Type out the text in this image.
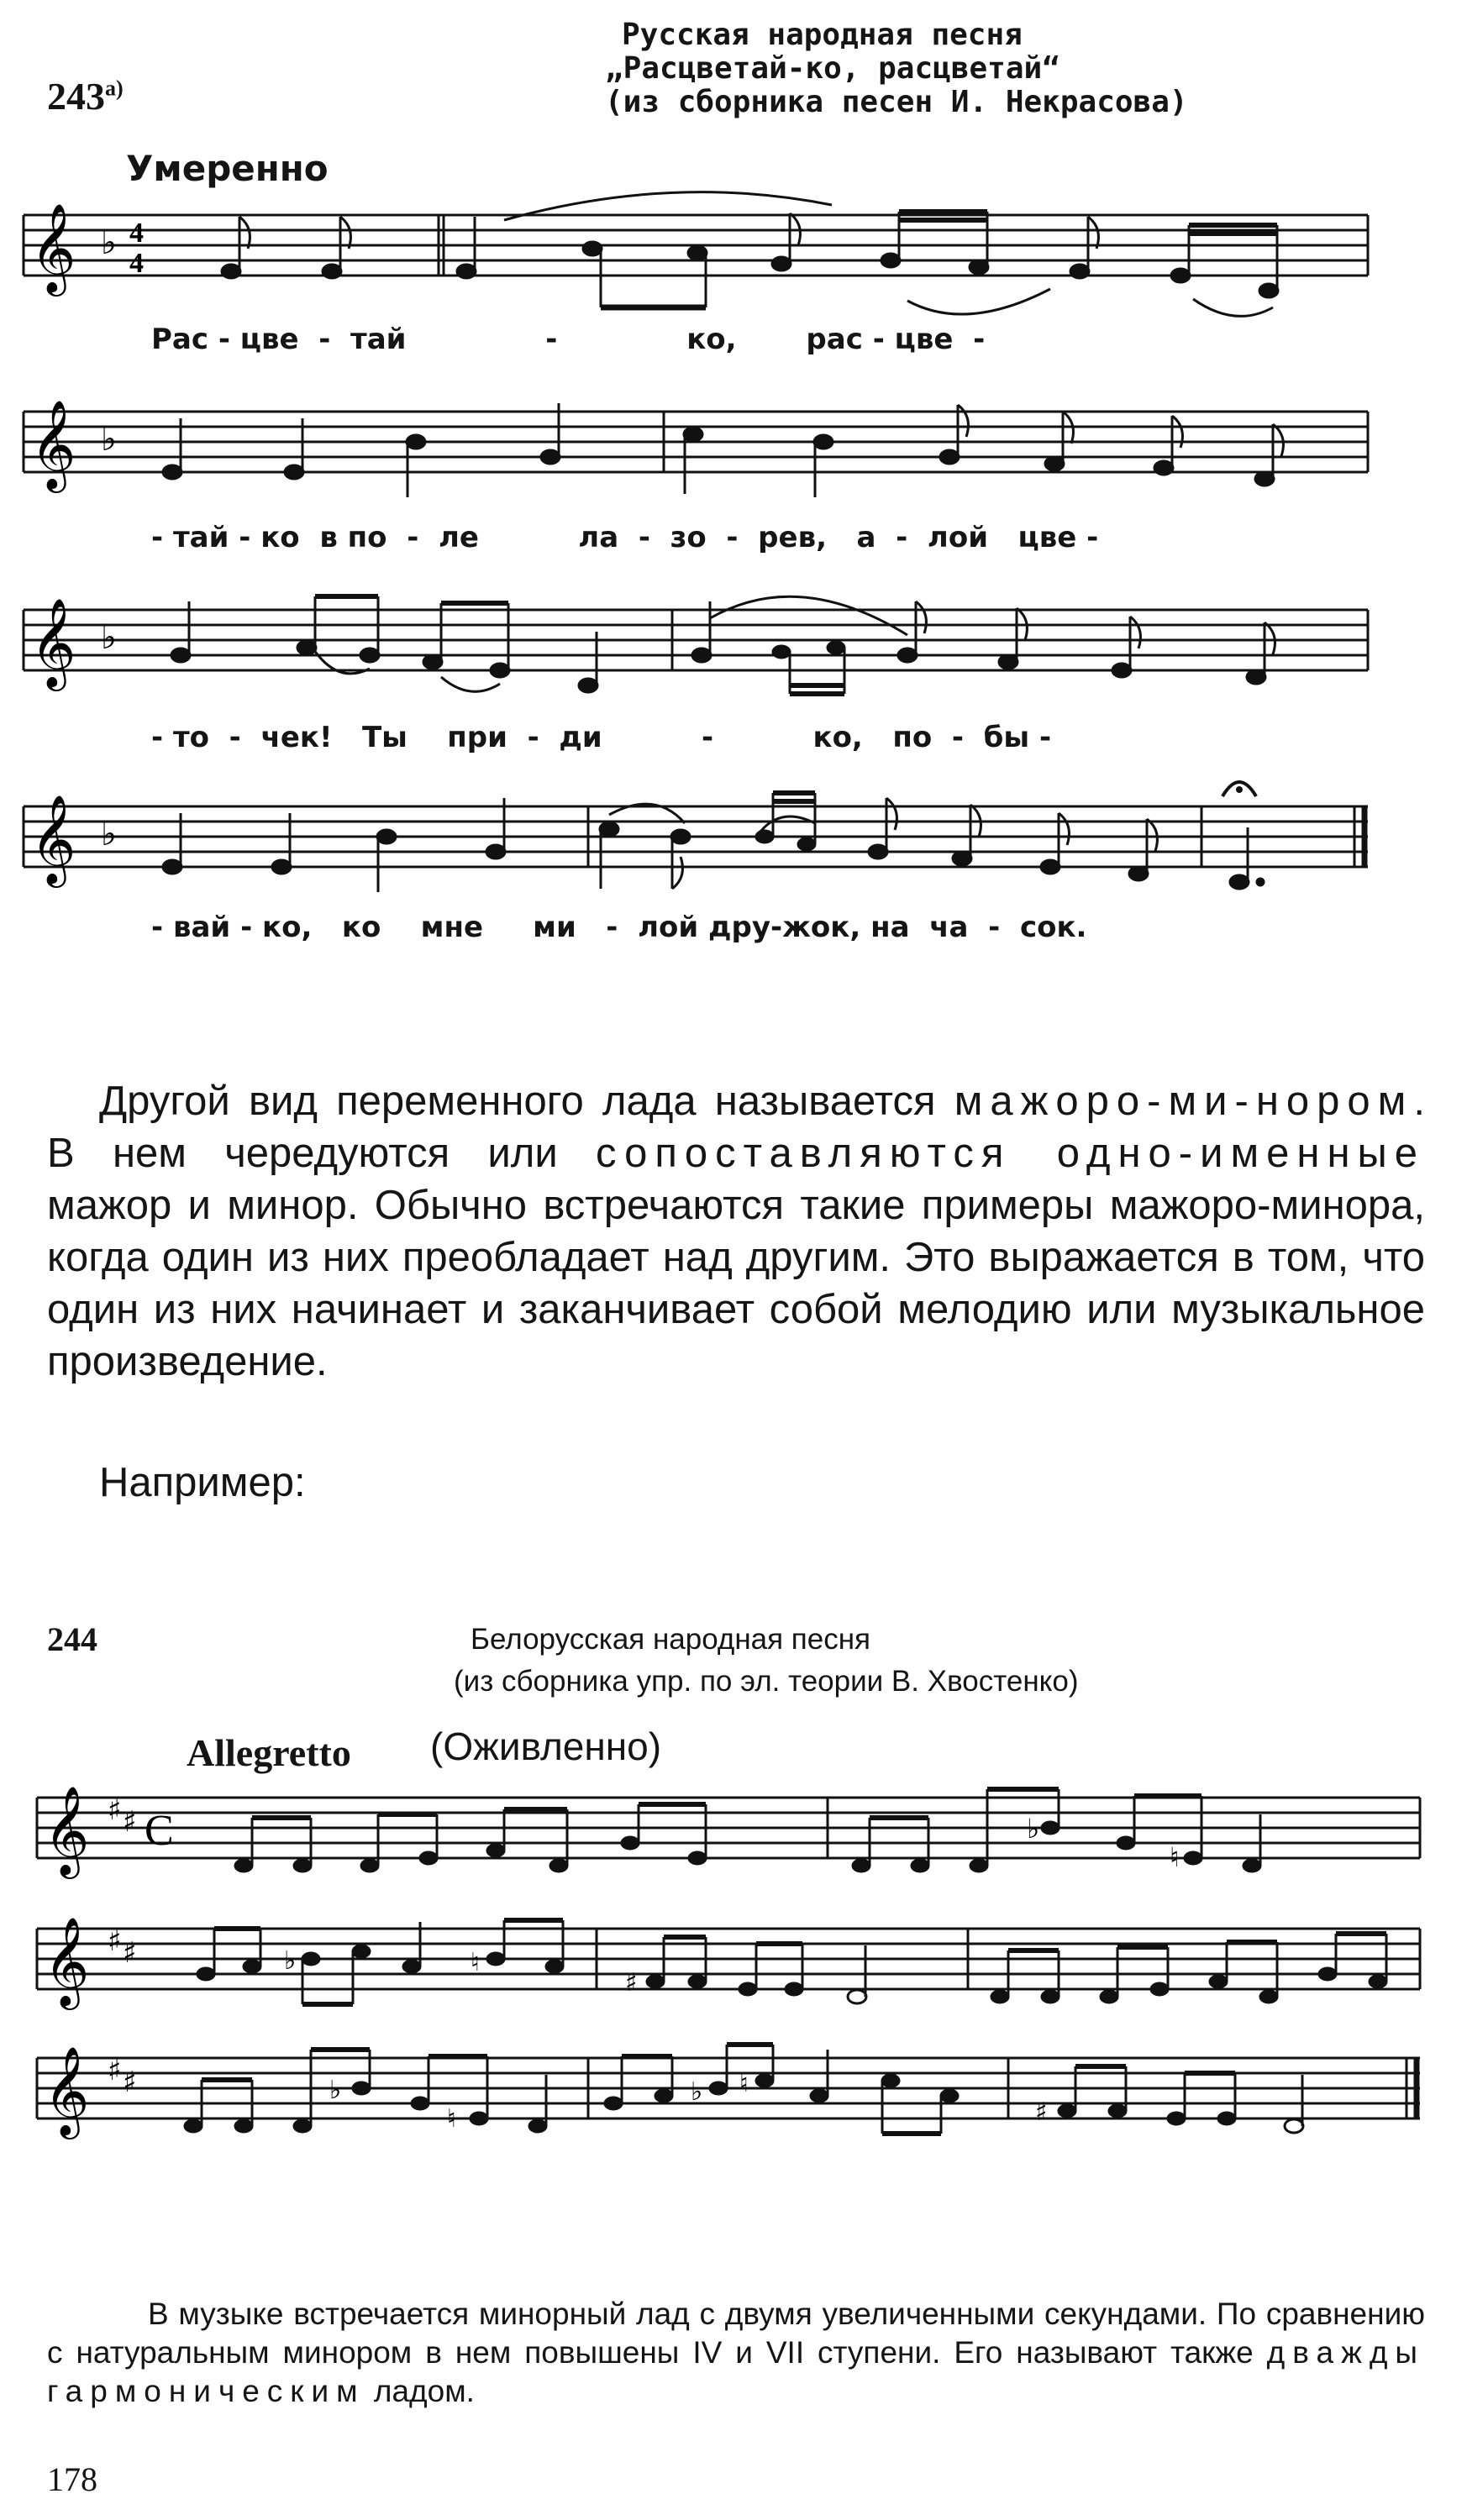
$243^{а)}$
Русская народная песня
„Расцветай-ко, расцветай“
(из сборника песен И. Некрасова)
Умеренно
𝄞 ♭ 4
4
Рас - цве  -  тай              -             ко,       рас - цве  -
𝄞 ♭
- тай - ко  в по  -  ле          ла  -  зо  -  рев,   а  -  лой   цве -
𝄞 ♭
- то  -  чек!   Ты    при  -  ди          -          ко,   по  -  бы -
𝄞 ♭
- вай - ко,   ко    мне     ми   -  лой дру-жок, на  ча  -  сок.

Другой вид переменного лада называется мажоро-ми-нором. В нем чередуются или сопоставляются одно-именные мажор и минор. Обычно встречаются такие примеры мажоро-минора, когда один из них преобладает над другим. Это выражается в том, что один из них начинает и заканчивает собой мелодию или музыкальное произведение.

Например:
244	Белорусская народная песня
(из сборника упр. по эл. теории В. Хвостенко)
Allegretto (Оживленно)
𝄞 ♯ ♯ C	♭
♮
𝄞 ♯ ♯	♭	♮
♯
𝄞 ♯ ♯	♭
♮
♭ ♮
♯

В музыке встречается минорный лад с двумя увеличенными секундами. По сравнению с натуральным минором в нем повышены IV и VII ступени. Его называют также дважды гармоническим ладом.

178
